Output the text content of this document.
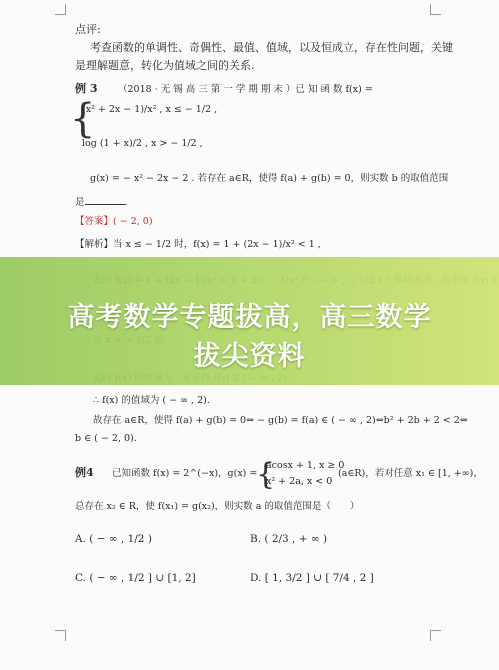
点评:
考查函数的单调性、奇偶性、最值、值域，以及恒成立，存在性问题，关键
是理解题意，转化为值域之间的关系.
例 3 （2018 · 无 锡 高 三 第 一 学 期 期 末 ）已 知 函 数 f(x) =
{
(x² + 2x − 1)/x² , x ≤ − 1/2 ,
log (1 + x)/2 , x > − 1/2 ,
g(x) = − x² − 2x − 2 . 若存在 a∈R，使得 f(a) + g(b) = 0，则实数 b 的取值范围
是	.
【答案】( − 2, 0)
【解析】当 x ≤ − 1/2 时，f(x) = 1 + (2x − 1)/x² < 1 ,
∴ f(x) 的值域为 ( − ∞ , 2).
故存在 a∈R，使得 f(a) + g(b) = 0⇔ − g(b) = f(a) ∈ ( − ∞ , 2)⇔b² + 2b + 2 < 2⇔
b ∈ ( − 2, 0).
例4 已知函数 f(x) = 2^(−x)，g(x) =
{
acosx + 1, x ≥ 0
x² + 2a, x < 0
(a∈R)，若对任意 x₁ ∈ [1, +∞)，
总存在 x₂ ∈ R，使 f(x₁) = g(x₂)，则实数 a 的取值范围是（　　）
A. ( − ∞ , 1/2 )	B. ( 2/3 , + ∞ )
C. ( − ∞ , 1/2 ] ∪ [1, 2]	D. [ 1, 3/2 ] ∪ [ 7/4 , 2 ]
高考数学专题拔高，高三数学
拔尖资料
